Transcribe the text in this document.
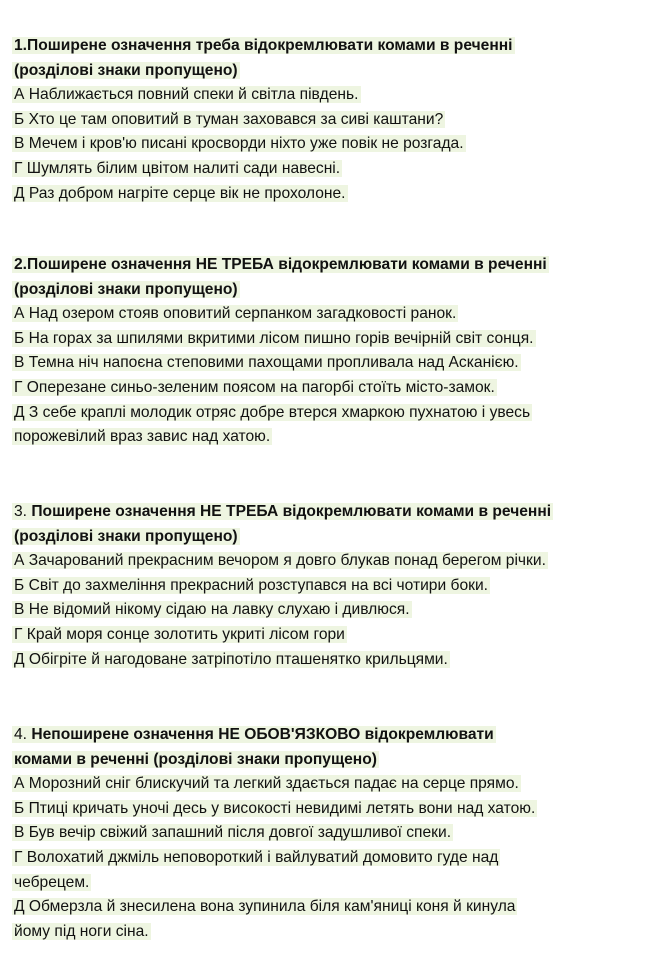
1.Поширене означення треба відокремлювати комами в реченні
(розділові знаки пропущено)
А Наближається повний спеки й світла південь.
Б Хто це там оповитий в туман заховався за сиві каштани?
В Мечем і кров'ю писані кросворди ніхто уже повік не розгада.
Г Шумлять білим цвітом налиті сади навесні.
Д Раз добром нагріте серце вік не прохолоне.
2.Поширене означення НЕ ТРЕБА відокремлювати комами в реченні
(розділові знаки пропущено)
А Над озером стояв оповитий серпанком загадковості ранок.
Б На горах за шпилями вкритими лісом пишно горів вечірній світ сонця.
В Темна ніч напоєна степовими пахощами пропливала над Асканією.
Г Оперезане синьо-зеленим поясом на пагорбі стоїть місто-замок.
Д З себе краплі молодик отряс добре втерся хмаркою пухнатою і увесь
порожевілий враз завис над хатою.
3. Поширене означення НЕ ТРЕБА відокремлювати комами в реченні
(розділові знаки пропущено)
А Зачарований прекрасним вечором я довго блукав понад берегом річки.
Б Світ до захмеління прекрасний розступався на всі чотири боки.
В Не відомий нікому сідаю на лавку слухаю і дивлюся.
Г Край моря сонце золотить укриті лісом гори
Д Обігріте й нагодоване затріпотіло пташенятко крильцями.
4. Непоширене означення НЕ ОБОВ'ЯЗКОВО відокремлювати
комами в реченні (розділові знаки пропущено)
А Морозний сніг блискучий та легкий здається падає на серце прямо.
Б Птиці кричать уночі десь у високості невидимі летять вони над хатою.
В Був вечір свіжий запашний після довгої задушливої спеки.
Г Волохатий джміль неповороткий і вайлуватий домовито гуде над
чебрецем.
Д Обмерзла й знесилена вона зупинила біля кам'яниці коня й кинула
йому під ноги сіна.
